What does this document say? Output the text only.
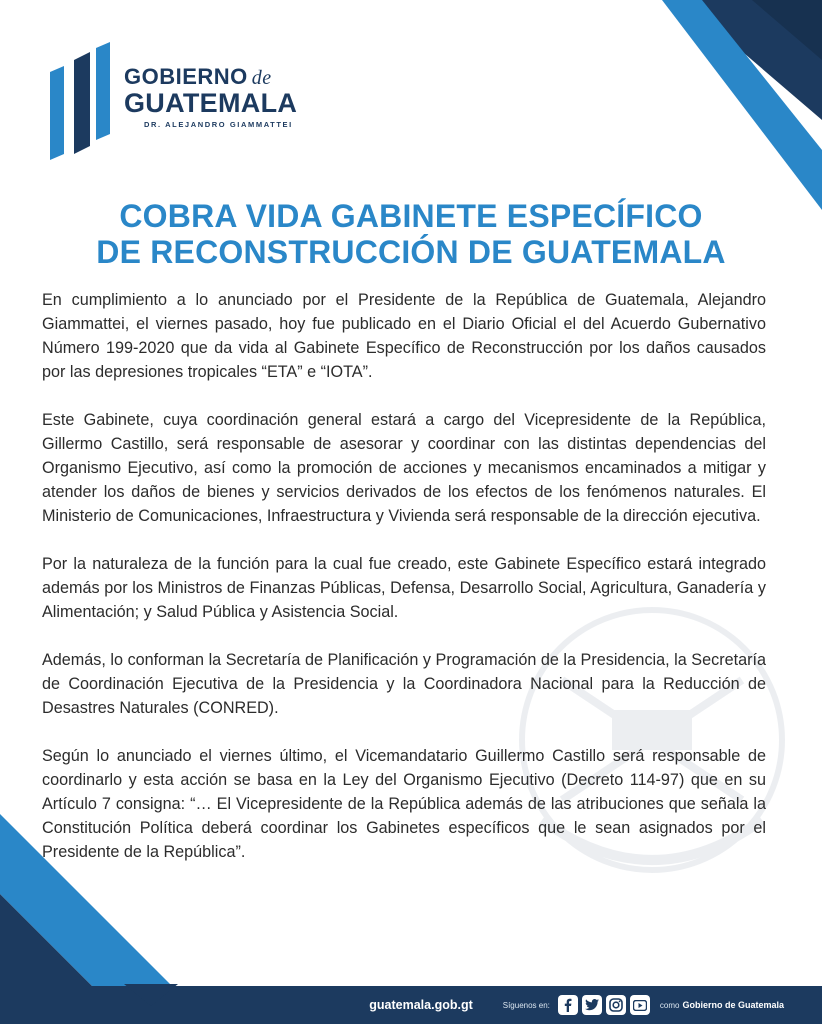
GOBIERNO de
GUATEMALA
DR. ALEJANDRO GIAMMATTEI
COBRA VIDA GABINETE ESPECÍFICO
DE RECONSTRUCCIÓN DE GUATEMALA

En cumplimiento a lo anunciado por el Presidente de la República de Guatemala, Alejandro Giammattei, el viernes pasado, hoy fue publicado en el Diario Oficial el del Acuerdo Gubernativo Número 199-2020 que da vida al Gabinete Específico de Reconstrucción por los daños causados por las depresiones tropicales “ETA” e “IOTA”.

Este Gabinete, cuya coordinación general estará a cargo del Vicepresidente de la República, Gillermo Castillo, será responsable de asesorar y coordinar con las distintas dependencias del Organismo Ejecutivo, así como la promoción de acciones y mecanismos encaminados a mitigar y atender los daños de bienes y servicios derivados de los efectos de los fenómenos naturales. El Ministerio de Comunicaciones, Infraestructura y Vivienda será responsable de la dirección ejecutiva.

Por la naturaleza de la función para la cual fue creado, este Gabinete Específico estará integrado además por los Ministros de Finanzas Públicas, Defensa, Desarrollo Social, Agricultura, Ganadería y Alimentación; y Salud Pública y Asistencia Social.

Además, lo conforman la Secretaría de Planificación y Programación de la Presidencia, la Secretaría de Coordinación Ejecutiva de la Presidencia y la Coordinadora Nacional para la Reducción de Desastres Naturales (CONRED).

Según lo anunciado el viernes último, el Vicemandatario Guillermo Castillo será responsable de coordinarlo y esta acción se basa en la Ley del Organismo Ejecutivo (Decreto 114-97) que en su Artículo 7 consigna: “… El Vicepresidente de la República además de las atribuciones que señala la Constitución Política deberá coordinar los Gabinetes específicos que le sean asignados por el Presidente de la República”.

guatemala.gob.gt	Síguenos en:	como Gobierno de Guatemala
